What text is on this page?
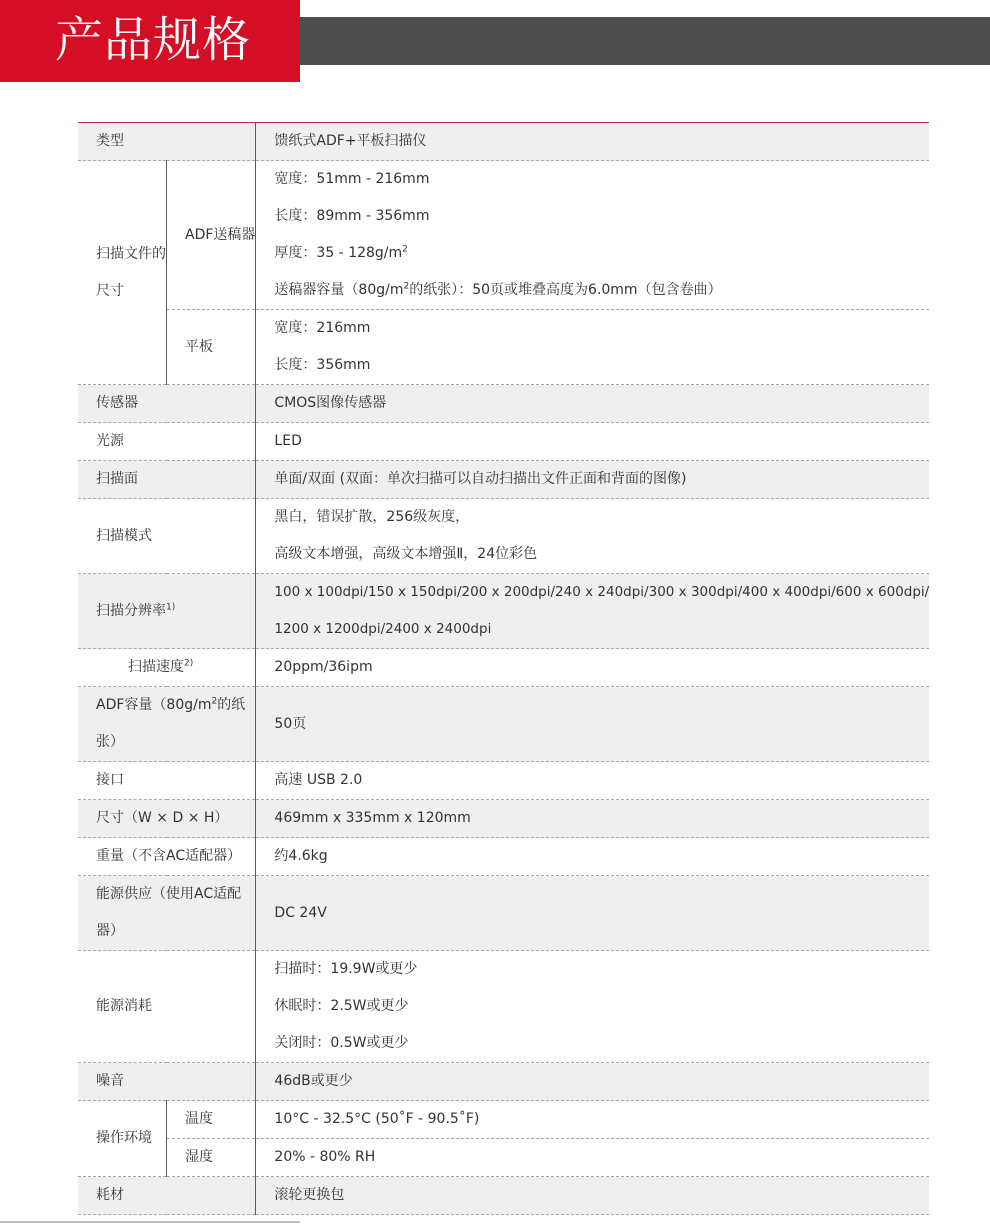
产品规格
类型		馈纸式ADF+平板扫描仪

扫描文件的
尺寸	ADF送稿器	宽度：51mm - 216mm
长度：89mm - 356mm
厚度：$35 - 128g/m^2$
送稿器容量（$80g/m^2$的纸张）：50页或堆叠高度为6.0mm（包含卷曲）

	平板	宽度：216mm
长度：356mm

传感器		CMOS图像传感器
光源		LED
扫描面		单面/双面 (双面：单次扫描可以自动扫描出文件正面和背面的图像)
扫描模式		黑白，错误扩散，256级灰度，
高级文本增强，高级文本增强Ⅱ，24位彩色

扫描分辨率$^{1)}$		100 x 100dpi/150 x 150dpi/200 x 200dpi/240 x 240dpi/300 x 300dpi/400 x 400dpi/600 x 600dpi/
1200 x 1200dpi/2400 x 2400dpi

扫描速度$^{2)}$		20ppm/36ipm

ADF容量（$80g/m^2$的纸
张）		50页
接口		高速 USB 2.0
尺寸（W × D × H）		469mm x 335mm x 120mm
重量（不含AC适配器）		约4.6kg

能源供应（使用AC适配
器）		DC 24V
能源消耗		扫描时：19.9W或更少
休眠时：2.5W或更少
关闭时：0.5W或更少

噪音		46dB或更少
操作环境	温度	10°C - 32.5°C (50˚F - 90.5˚F)
	湿度	20% - 80% RH
耗材		滚轮更换包
